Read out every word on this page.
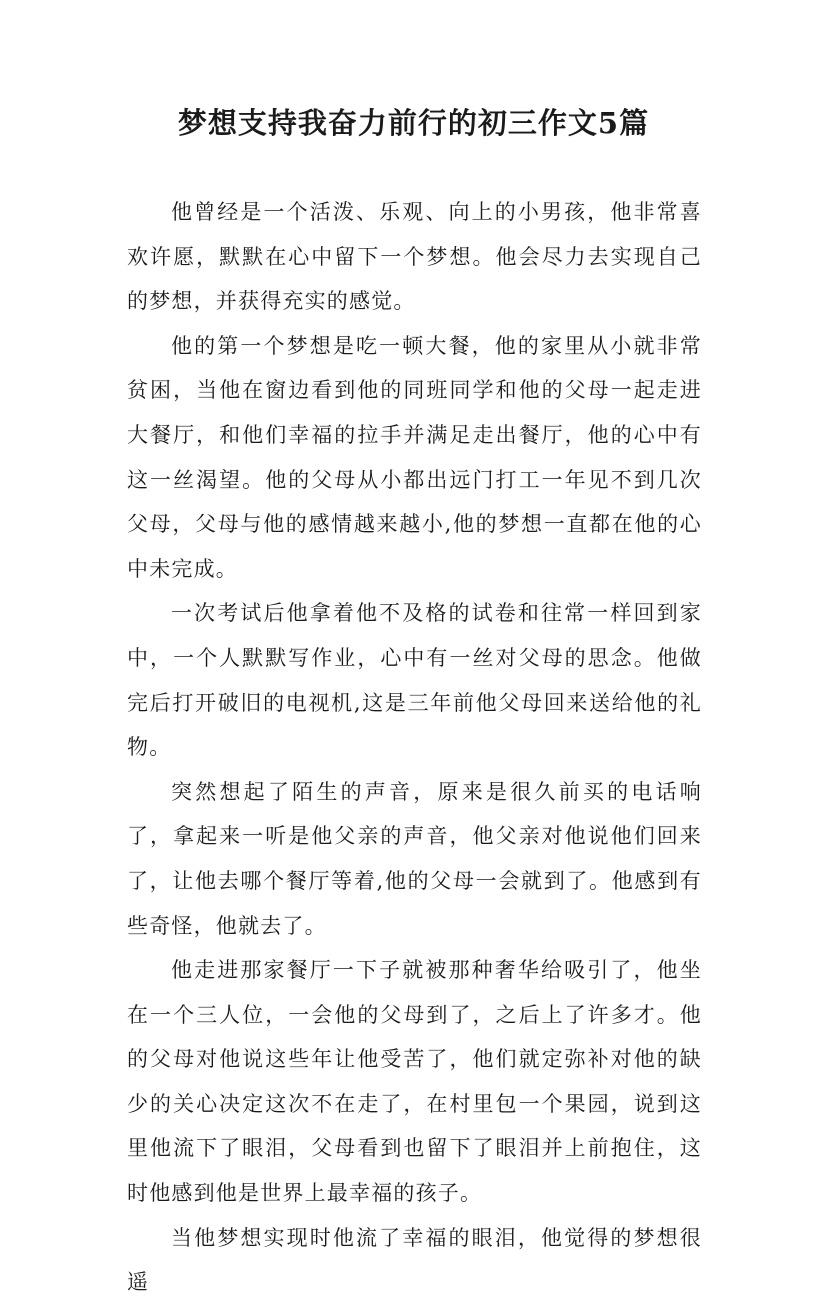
梦想支持我奋力前行的初三作文5篇

他曾经是一个活泼、乐观、向上的小男孩，他非常喜欢许愿，默默在心中留下一个梦想。他会尽力去实现自己的梦想，并获得充实的感觉。

他的第一个梦想是吃一顿大餐，他的家里从小就非常贫困，当他在窗边看到他的同班同学和他的父母一起走进大餐厅，和他们幸福的拉手并满足走出餐厅，他的心中有这一丝渴望。他的父母从小都出远门打工一年见不到几次父母，父母与他的感情越来越小,他的梦想一直都在他的心中未完成。

一次考试后他拿着他不及格的试卷和往常一样回到家中，一个人默默写作业，心中有一丝对父母的思念。他做完后打开破旧的电视机,这是三年前他父母回来送给他的礼物。

突然想起了陌生的声音，原来是很久前买的电话响了，拿起来一听是他父亲的声音，他父亲对他说他们回来了，让他去哪个餐厅等着,他的父母一会就到了。他感到有些奇怪，他就去了。

他走进那家餐厅一下子就被那种奢华给吸引了，他坐在一个三人位，一会他的父母到了，之后上了许多才。他的父母对他说这些年让他受苦了，他们就定弥补对他的缺少的关心决定这次不在走了，在村里包一个果园，说到这里他流下了眼泪，父母看到也留下了眼泪并上前抱住，这时他感到他是世界上最幸福的孩子。

当他梦想实现时他流了幸福的眼泪，他觉得的梦想很遥
